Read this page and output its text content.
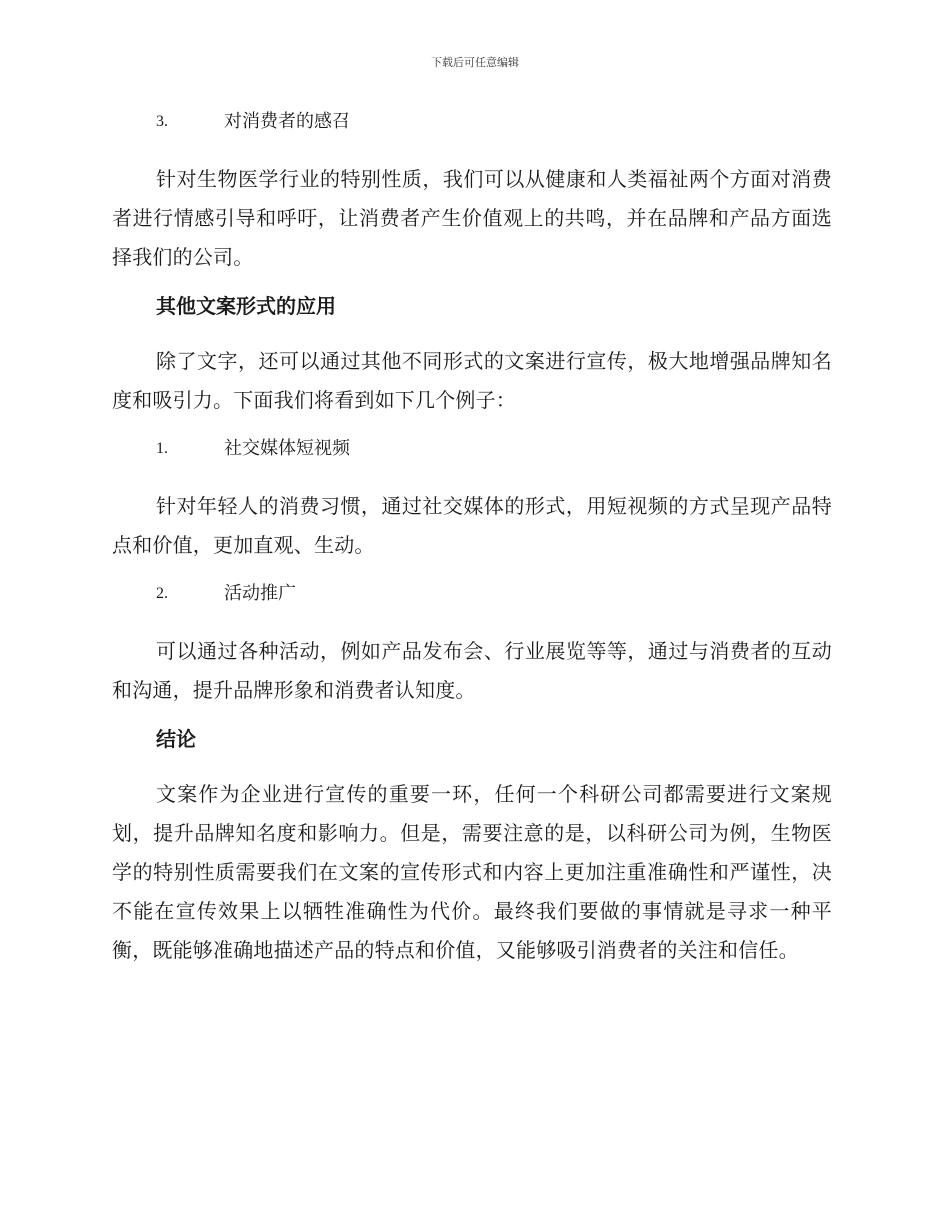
下载后可任意编辑
3.	对消费者的感召

针对生物医学行业的特别性质，我们可以从健康和人类福祉两个方面对消费者进行情感引导和呼吁，让消费者产生价值观上的共鸣，并在品牌和产品方面选择我们的公司。

其他文案形式的应用

除了文字，还可以通过其他不同形式的文案进行宣传，极大地增强品牌知名度和吸引力。下面我们将看到如下几个例子：

1.	社交媒体短视频

针对年轻人的消费习惯，通过社交媒体的形式，用短视频的方式呈现产品特点和价值，更加直观、生动。

2.	活动推广

可以通过各种活动，例如产品发布会、行业展览等等，通过与消费者的互动和沟通，提升品牌形象和消费者认知度。

结论

文案作为企业进行宣传的重要一环，任何一个科研公司都需要进行文案规划，提升品牌知名度和影响力。但是，需要注意的是，以科研公司为例，生物医学的特别性质需要我们在文案的宣传形式和内容上更加注重准确性和严谨性，决不能在宣传效果上以牺牲准确性为代价。最终我们要做的事情就是寻求一种平衡，既能够准确地描述产品的特点和价值，又能够吸引消费者的关注和信任。
